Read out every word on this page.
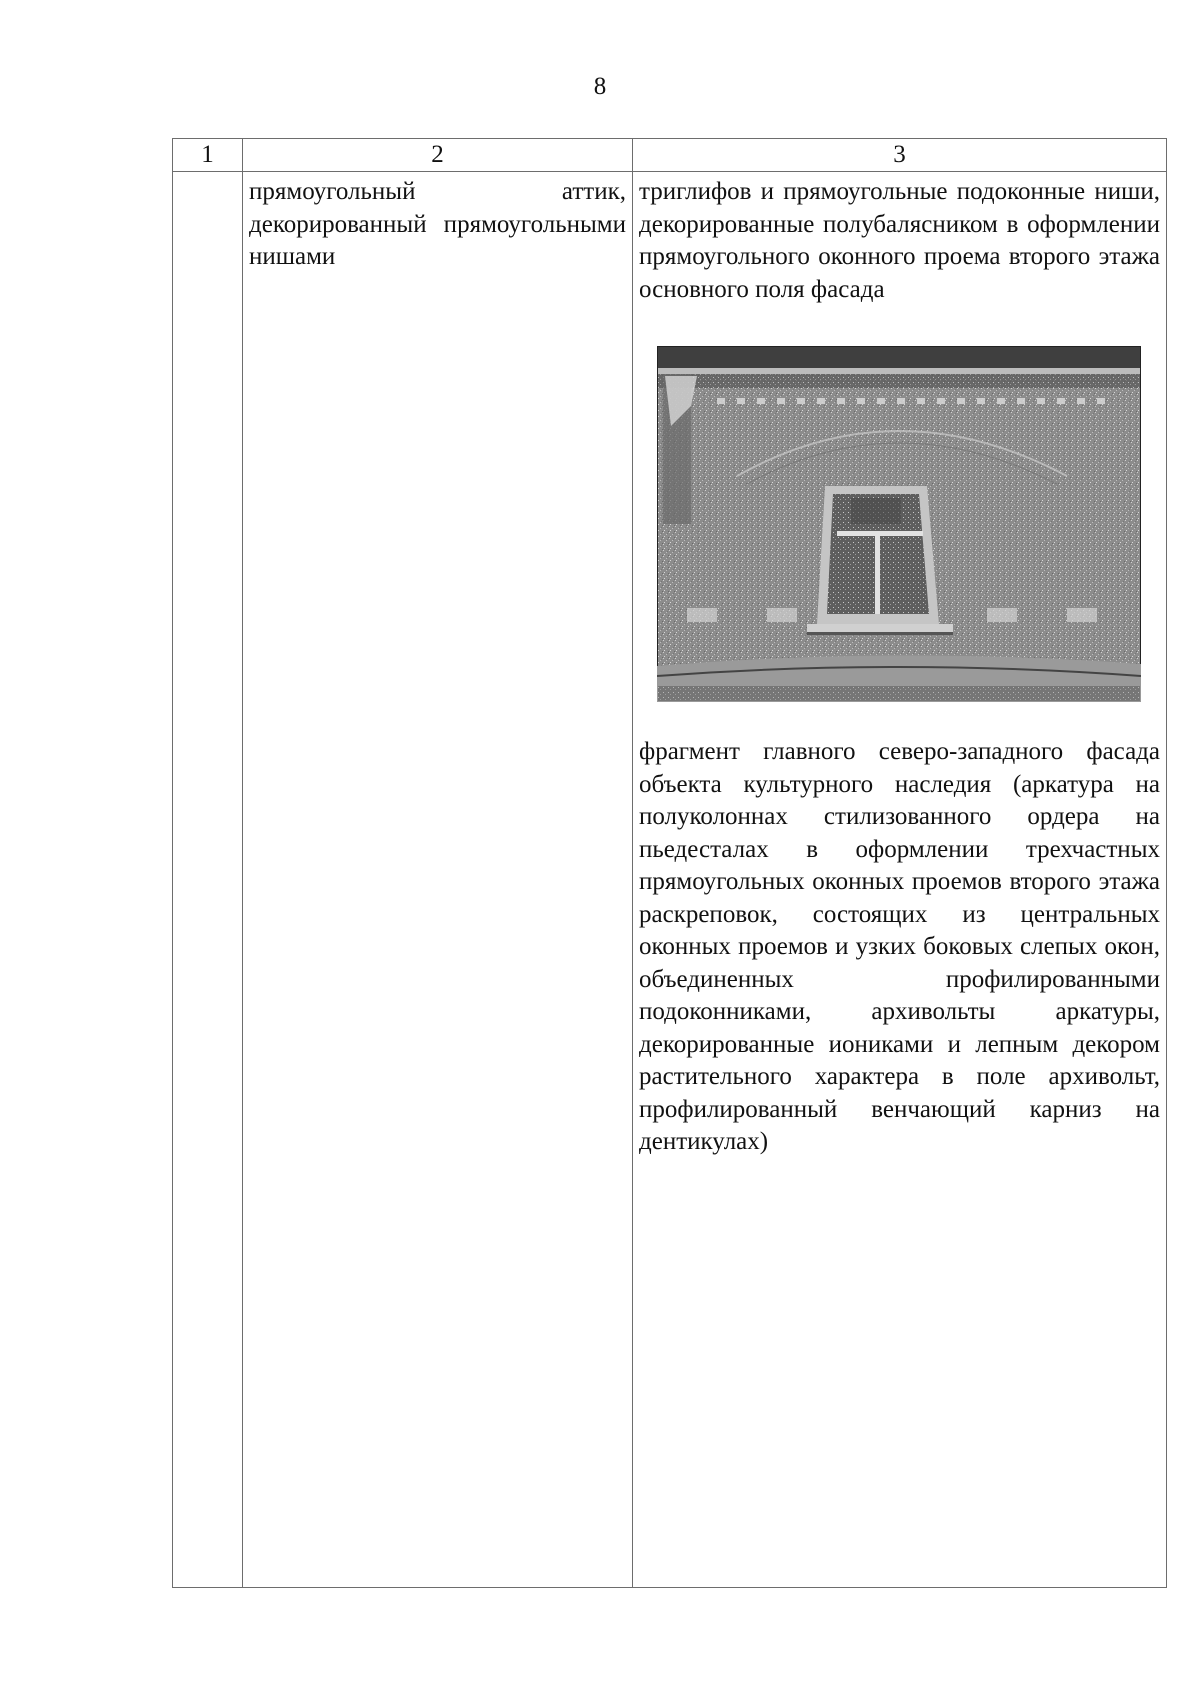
8
1	2	3

	прямоугольный аттик, декорированный прямоугольными нишами	триглифов и прямоугольные подоконные ниши, декорированные полубалясником в оформлении прямоугольного оконного проема второго этажа основного поля фасада
фрагмент главного северо-западного фасада объекта культурного наследия (аркатура на полуколоннах стилизованного ордера на пьедесталах в оформлении трехчастных прямоугольных оконных проемов второго этажа раскреповок, состоящих из центральных оконных проемов и узких боковых слепых окон, объединенных профилированными подоконниками, архивольты аркатуры, декорированные иониками и лепным декором растительного характера в поле архивольт, профилированный венчающий карниз на дентикулах)
